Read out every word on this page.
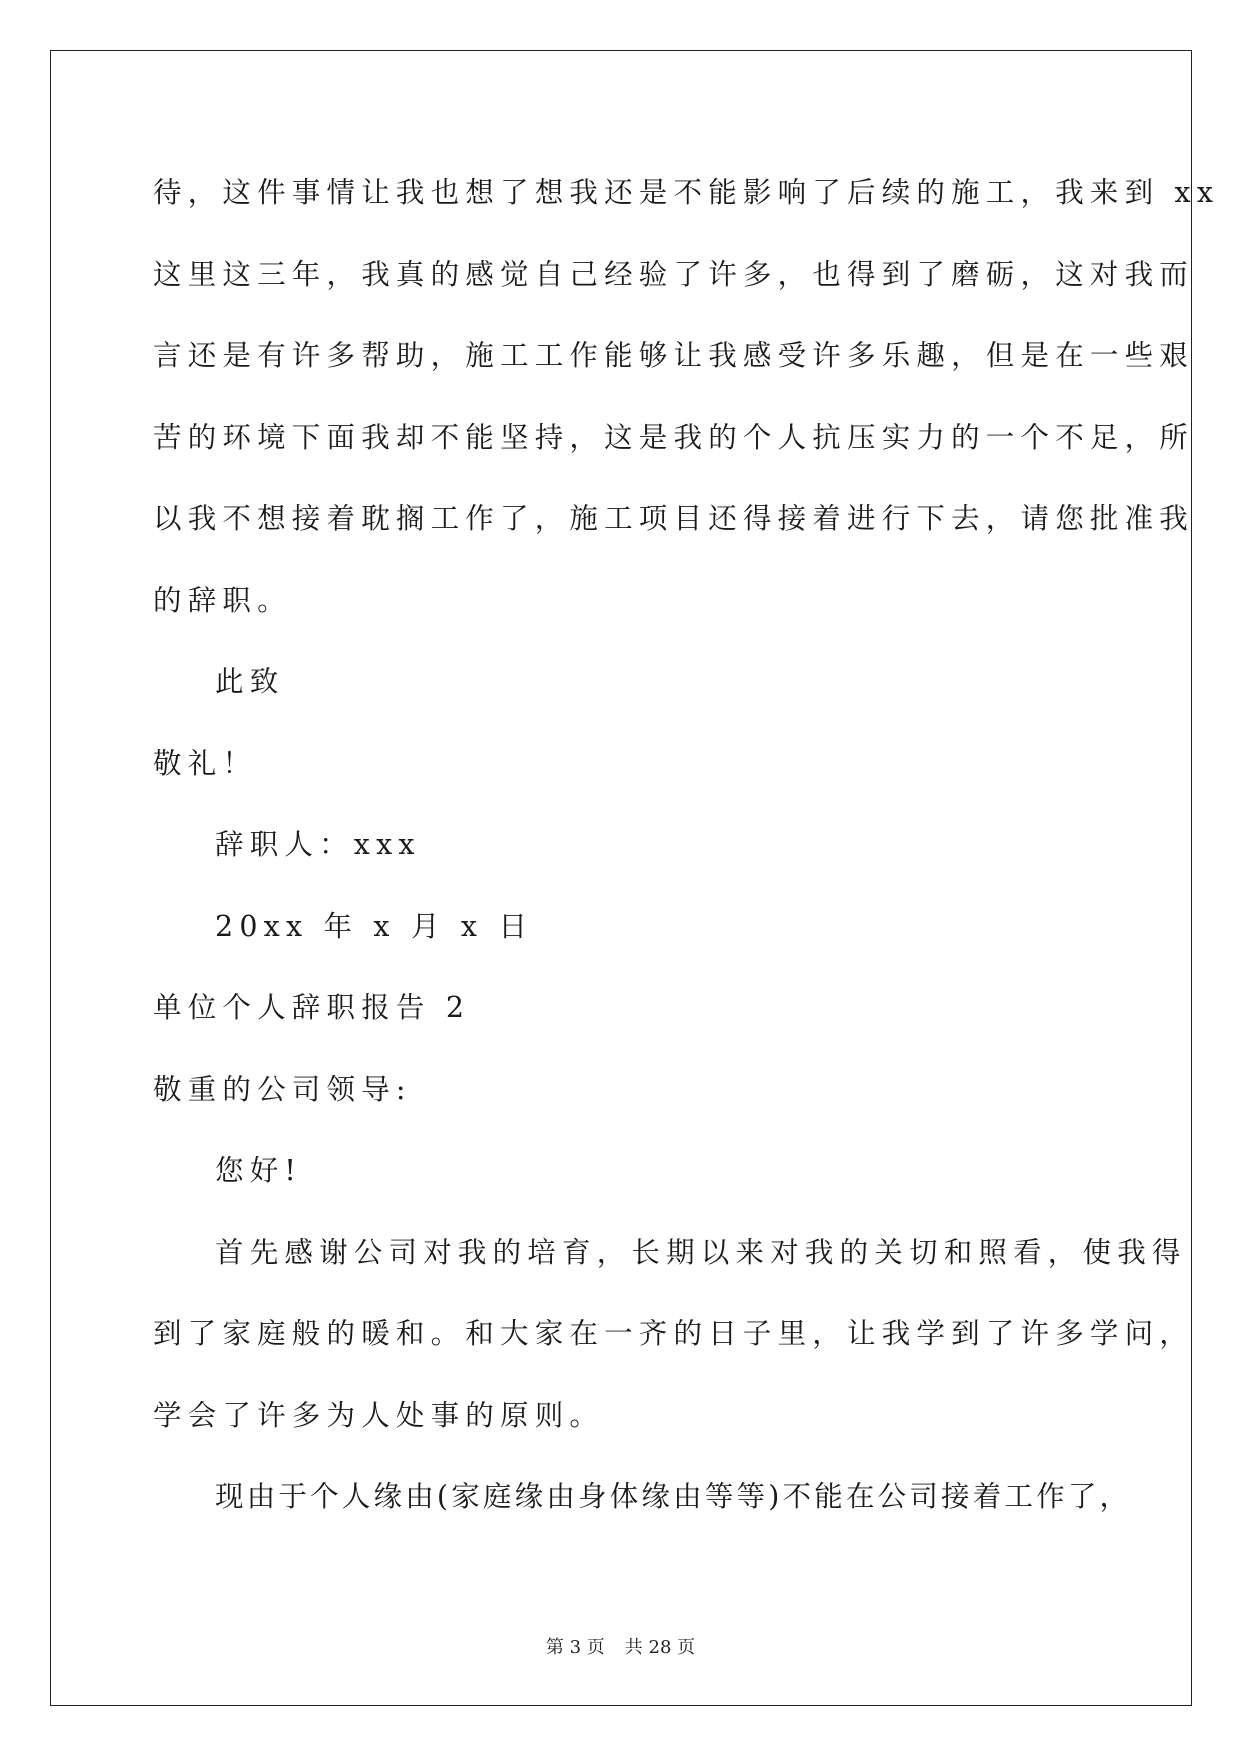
待，这件事情让我也想了想我还是不能影响了后续的施工，我来到 xx
这里这三年，我真的感觉自己经验了许多，也得到了磨砺，这对我而
言还是有许多帮助，施工工作能够让我感受许多乐趣，但是在一些艰
苦的环境下面我却不能坚持，这是我的个人抗压实力的一个不足，所
以我不想接着耽搁工作了，施工项目还得接着进行下去，请您批准我
的辞职。
此致
敬礼！
辞职人：xxx
20xx 年 x 月 x 日
单位个人辞职报告 2
敬重的公司领导:
您好!
首先感谢公司对我的培育，长期以来对我的关切和照看，使我得
到了家庭般的暖和。和大家在一齐的日子里，让我学到了许多学问，
学会了许多为人处事的原则。
现由于个人缘由(家庭缘由身体缘由等等)不能在公司接着工作了，
第 3 页 共 28 页
